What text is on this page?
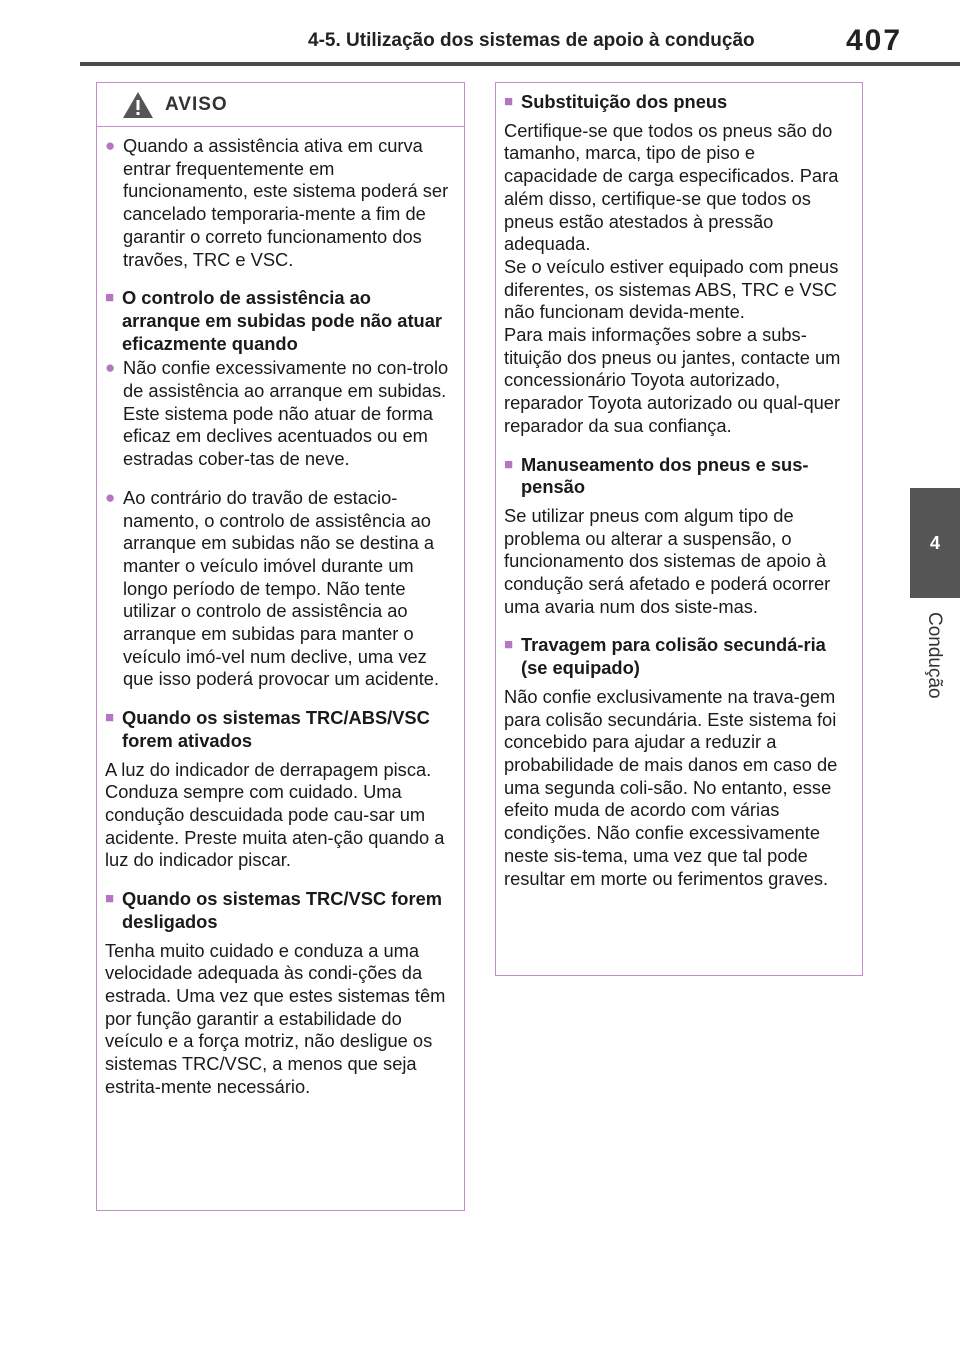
4-5. Utilização dos sistemas de apoio à condução	407
4
Condução
AVISO
● Quando a assistência ativa em curva entrar frequentemente em funcionamento, este sistema poderá ser cancelado temporaria-mente a fim de garantir o correto funcionamento dos travões, TRC e VSC.
■ O controlo de assistência ao arranque em subidas pode não atuar eficazmente quando
● Não confie excessivamente no con-trolo de assistência ao arranque em subidas. Este sistema pode não atuar de forma eficaz em declives acentuados ou em estradas cober-tas de neve.
● Ao contrário do travão de estacio-namento, o controlo de assistência ao arranque em subidas não se destina a manter o veículo imóvel durante um longo período de tempo. Não tente utilizar o controlo de assistência ao arranque em subidas para manter o veículo imó-vel num declive, uma vez que isso poderá provocar um acidente.
■ Quando os sistemas TRC/ABS/VSC forem ativados
A luz do indicador de derrapagem pisca. Conduza sempre com cuidado. Uma condução descuidada pode cau-sar um acidente. Preste muita aten-ção quando a luz do indicador piscar.
■ Quando os sistemas TRC/VSC forem desligados
Tenha muito cuidado e conduza a uma velocidade adequada às condi-ções da estrada. Uma vez que estes sistemas têm por função garantir a estabilidade do veículo e a força motriz, não desligue os sistemas TRC/VSC, a menos que seja estrita-mente necessário.
■ Substituição dos pneus
Certifique-se que todos os pneus são do tamanho, marca, tipo de piso e capacidade de carga especificados. Para além disso, certifique-se que todos os pneus estão atestados à pressão adequada.
Se o veículo estiver equipado com pneus diferentes, os sistemas ABS, TRC e VSC não funcionam devida-mente.
Para mais informações sobre a subs-tituição dos pneus ou jantes, contacte um concessionário Toyota autorizado, reparador Toyota autorizado ou qual-quer reparador da sua confiança.
■ Manuseamento dos pneus e sus-pensão
Se utilizar pneus com algum tipo de problema ou alterar a suspensão, o funcionamento dos sistemas de apoio à condução será afetado e poderá ocorrer uma avaria num dos siste-mas.
■ Travagem para colisão secundá-ria (se equipado)
Não confie exclusivamente na trava-gem para colisão secundária. Este sistema foi concebido para ajudar a reduzir a probabilidade de mais danos em caso de uma segunda coli-são. No entanto, esse efeito muda de acordo com várias condições. Não confie excessivamente neste sis-tema, uma vez que tal pode resultar em morte ou ferimentos graves.
